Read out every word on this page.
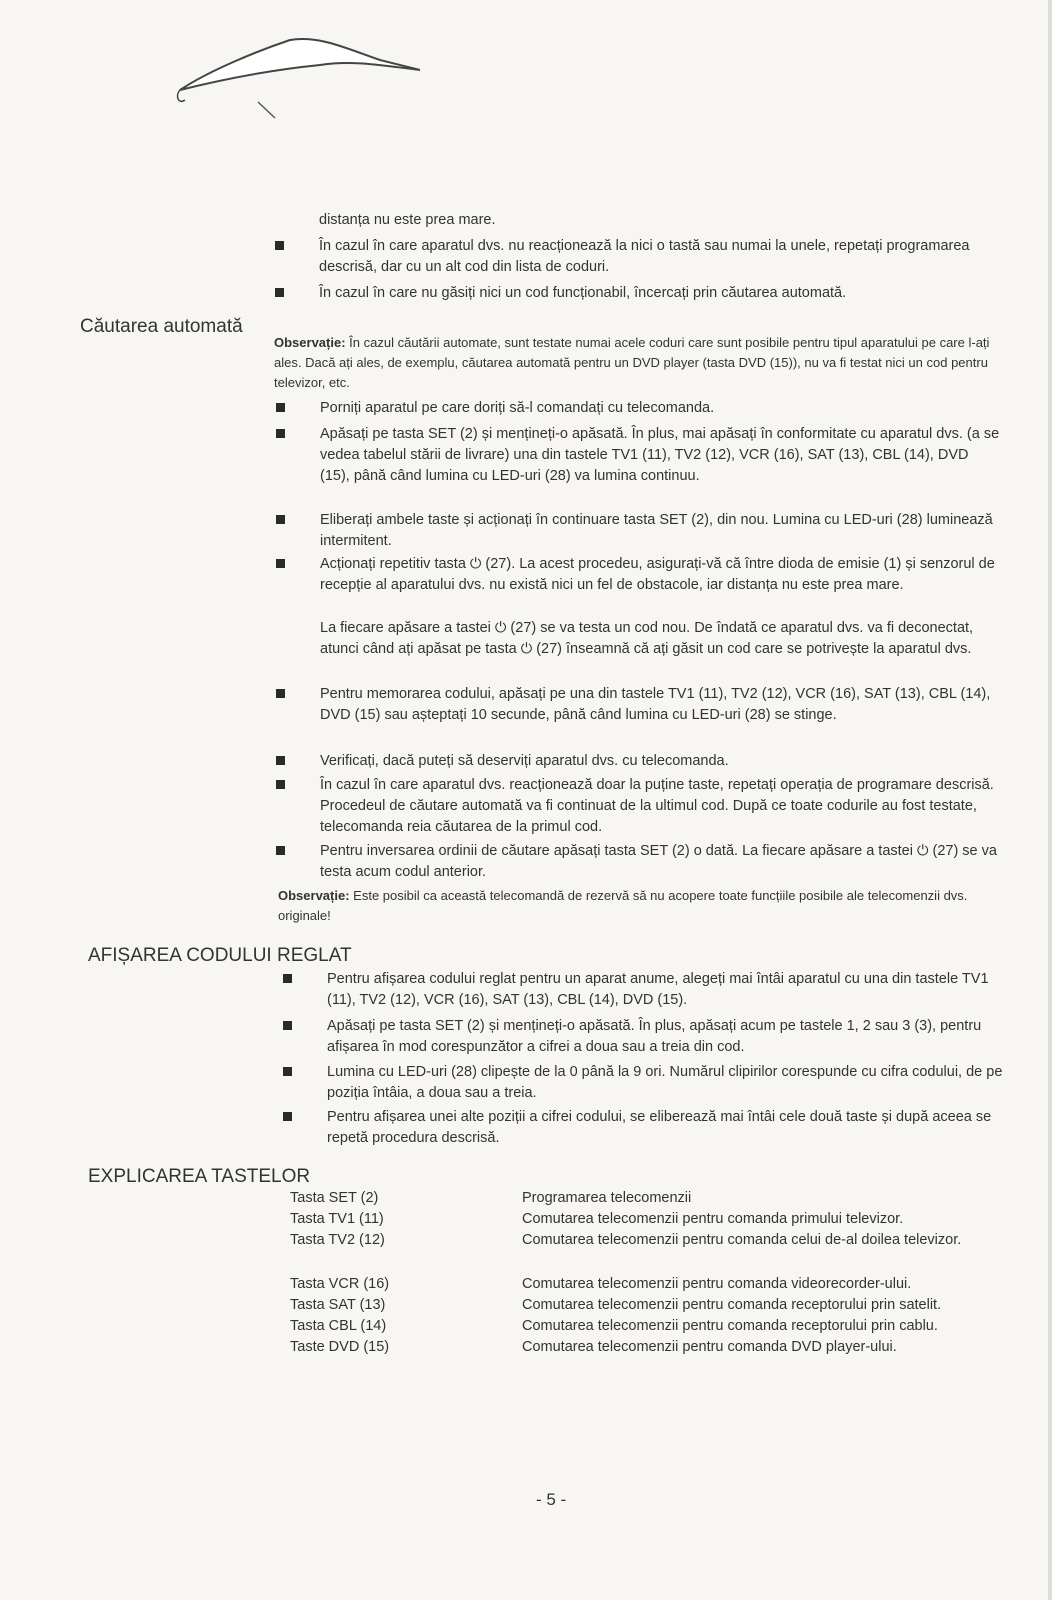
distanța nu este prea mare.
În cazul în care aparatul dvs. nu reacționează la nici o tastă sau numai la unele, repetați programarea descrisă, dar cu un alt cod din lista de coduri.
În cazul în care nu găsiți nici un cod funcționabil, încercați prin căutarea automată.
Căutarea automată
Observație: În cazul căutării automate, sunt testate numai acele coduri care sunt posibile pentru tipul aparatului pe care l-ați ales. Dacă ați ales, de exemplu, căutarea automată pentru un DVD player (tasta DVD (15)), nu va fi testat nici un cod pentru televizor, etc.
Porniți aparatul pe care doriți să-l comandați cu telecomanda.
Apăsați pe tasta SET (2) și mențineți-o apăsată. În plus, mai apăsați în conformitate cu aparatul dvs. (a se vedea tabelul stării de livrare) una din tastele TV1 (11), TV2 (12), VCR (16), SAT (13), CBL (14), DVD (15), până când lumina cu LED-uri (28) va lumina continuu.
Eliberați ambele taste și acționați în continuare tasta SET (2), din nou. Lumina cu LED-uri (28) luminează intermitent.
Acționați repetitiv tasta ⏻ (27). La acest procedeu, asigurați-vă că între dioda de emisie (1) și senzorul de recepție al aparatului dvs. nu există nici un fel de obstacole, iar distanța nu este prea mare.
La fiecare apăsare a tastei ⏻ (27) se va testa un cod nou. De îndată ce aparatul dvs. va fi deconectat, atunci când ați apăsat pe tasta ⏻ (27) înseamnă că ați găsit un cod care se potrivește la aparatul dvs.
Pentru memorarea codului, apăsați pe una din tastele TV1 (11), TV2 (12), VCR (16), SAT (13), CBL (14), DVD (15) sau așteptați 10 secunde, până când lumina cu LED-uri (28) se stinge.
Verificați, dacă puteți să deserviți aparatul dvs. cu telecomanda.
În cazul în care aparatul dvs. reacționează doar la puține taste, repetați operația de programare descrisă. Procedeul de căutare automată va fi continuat de la ultimul cod. După ce toate codurile au fost testate, telecomanda reia căutarea de la primul cod.
Pentru inversarea ordinii de căutare apăsați tasta SET (2) o dată. La fiecare apăsare a tastei ⏻ (27) se va testa acum codul anterior.
Observație: Este posibil ca această telecomandă de rezervă să nu acopere toate funcțiile posibile ale telecomenzii dvs. originale!
AFIȘAREA CODULUI REGLAT
Pentru afișarea codului reglat pentru un aparat anume, alegeți mai întâi aparatul cu una din tastele TV1 (11), TV2 (12), VCR (16), SAT (13), CBL (14), DVD (15).
Apăsați pe tasta SET (2) și mențineți-o apăsată. În plus, apăsați acum pe tastele 1, 2 sau 3 (3), pentru afișarea în mod corespunzător a cifrei a doua sau a treia din cod.
Lumina cu LED-uri (28) clipește de la 0 până la 9 ori. Numărul clipirilor corespunde cu cifra codului, de pe poziția întâia, a doua sau a treia.
Pentru afișarea unei alte poziții a cifrei codului, se eliberează mai întâi cele două taste și după aceea se repetă procedura descrisă.
EXPLICAREA TASTELOR
Tasta SET (2)	Programarea telecomenzii
Tasta TV1 (11)	Comutarea telecomenzii pentru comanda primului televizor.
Tasta TV2 (12)	Comutarea telecomenzii pentru comanda celui de-al doilea televizor.
Tasta VCR (16)	Comutarea telecomenzii pentru comanda videorecorder-ului.
Tasta SAT (13)	Comutarea telecomenzii pentru comanda receptorului prin satelit.
Tasta CBL (14)	Comutarea telecomenzii pentru comanda receptorului prin cablu.
Taste DVD (15)	Comutarea telecomenzii pentru comanda DVD player-ului.
- 5 -
